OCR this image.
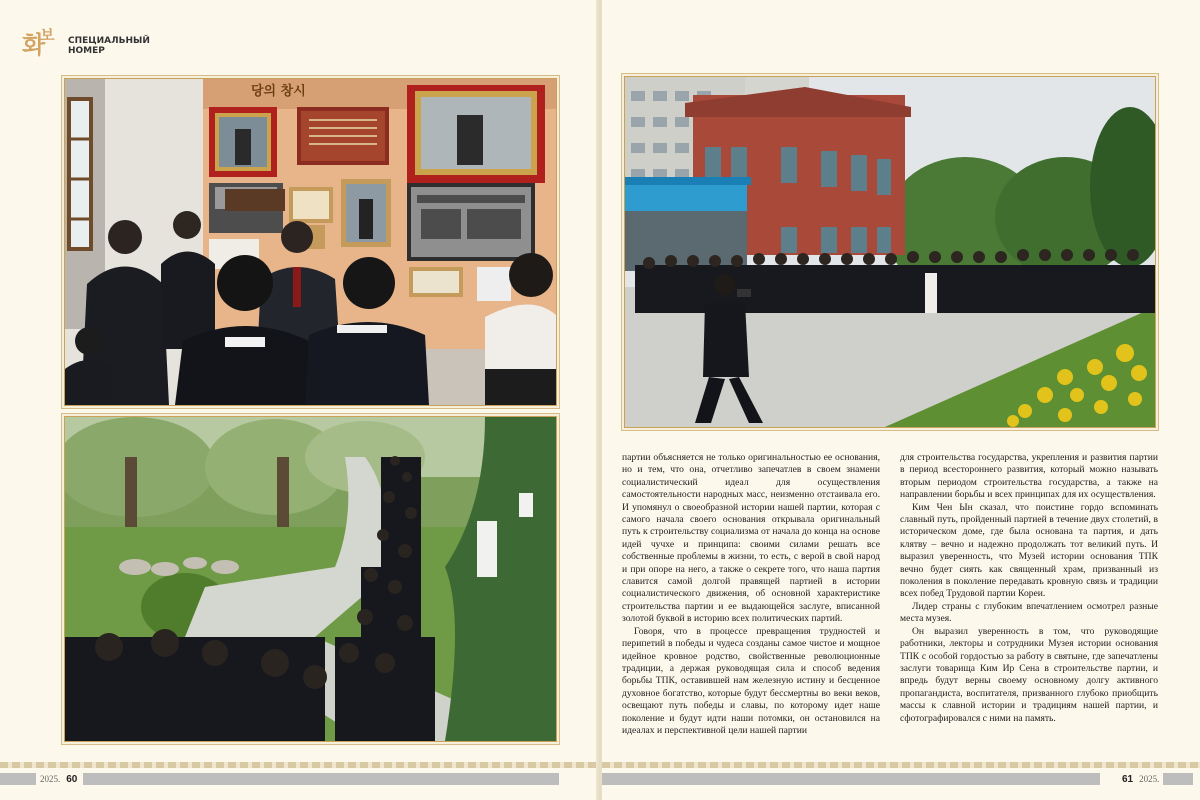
화
보 СПЕЦИАЛЬНЫЙ
НОМЕР
당의 창시
2025. 60

партии объясняется не только оригинальностью ее основания, но и тем, что она, отчетливо запечатлев в своем знамени социалистический идеал для осуществления самостоятельности народных масс, неизменно отстаивала его. И упомянул о своеобразной истории нашей партии, которая с самого начала своего основания открывала оригинальный путь к строительству социализма от начала до конца на основе идей чучхе и принципа: своими силами решать все собственные проблемы в жизни, то есть, с верой в свой народ и при опоре на него, а также о секрете того, что наша партия славится самой долгой правящей партией в истории социалистического движения, об основной характеристике строительства партии и ее выдающейся заслуге, вписанной золотой буквой в историю всех политических партий.

Говоря, что в процессе превращения трудностей и перипетий в победы и чудеса созданы самое чистое и мощное идейное кровное родство, свойственные революционные традиции, а держая руководящая сила и способ ведения борьбы ТПК, оставившей нам железную истину и бесценное духовное богатство, которые будут бессмертны во веки веков, освещают путь победы и славы, по которому идет наше поколение и будут идти наши потомки, он остановился на идеалах и перспективной цели нашей партии

для строительства государства, укрепления и развития партии в период всестороннего развития, который можно называть вторым периодом строительства государства, а также на направлении борьбы и всех принципах для их осуществления.

Ким Чен Ын сказал, что поистине гордо вспоминать славный путь, пройденный партией в течение двух столетий, в историческом доме, где была основана та партия, и дать клятву – вечно и надежно продолжать тот великий путь. И выразил уверенность, что Музей истории основания ТПК вечно будет сиять как священный храм, призванный из поколения в поколение передавать кровную связь и традиции всех побед Трудовой партии Кореи.

Лидер страны с глубоким впечатлением осмотрел разные места музея.

Он выразил уверенность в том, что руководящие работники, лекторы и сотрудники Музея истории основания ТПК с особой гордостью за работу в святыне, где запечатлены заслуги товарища Ким Ир Сена в строительстве партии, и впредь будут верны своему основному долгу активного пропагандиста, воспитателя, призванного глубоко приобщить массы к славной истории и традициям нашей партии, и сфотографировался с ними на память.

61 2025.
